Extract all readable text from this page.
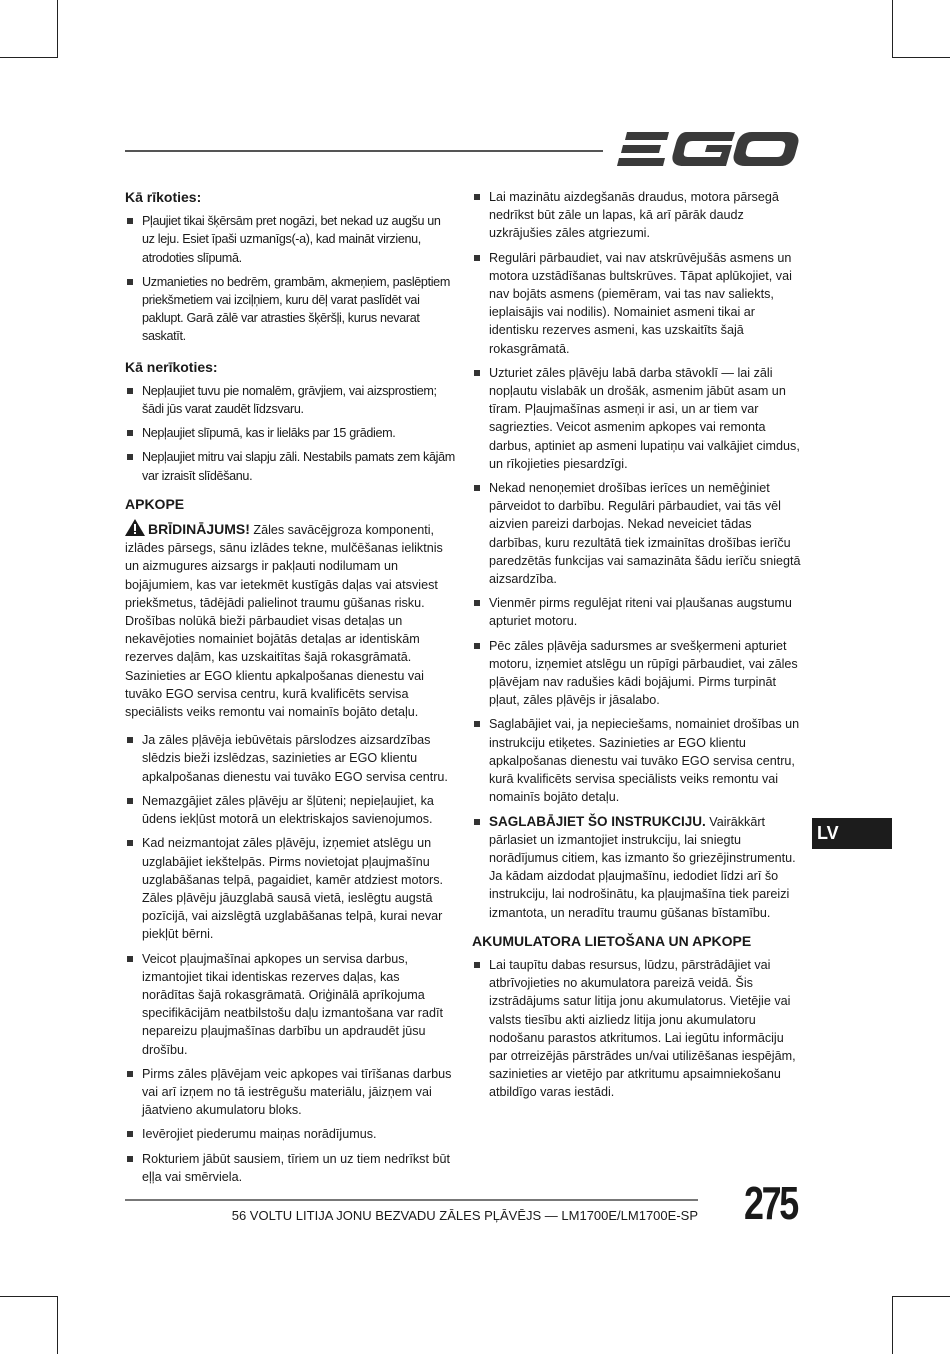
Kā rīkoties:
Pļaujiet tikai šķērsām pret nogāzi, bet nekad uz augšu un uz leju. Esiet īpaši uzmanīgs(-a), kad maināt virzienu, atrodoties slīpumā.
Uzmanieties no bedrēm, grambām, akmeņiem, paslēptiem priekšmetiem vai izciļņiem, kuru dēļ varat paslīdēt vai paklupt. Garā zālē var atrasties šķēršļi, kurus nevarat saskatīt.
Kā nerīkoties:
Nepļaujiet tuvu pie nomalēm, grāvjiem, vai aizsprostiem; šādi jūs varat zaudēt līdzsvaru.
Nepļaujiet slīpumā, kas ir lielāks par 15 grādiem.
Nepļaujiet mitru vai slapju zāli. Nestabils pamats zem kājām var izraisīt slīdēšanu.
APKOPE

BRĪDINĀJUMS! Zāles savācējgroza komponenti, izlādes pārsegs, sānu izlādes tekne, mulčēšanas ieliktnis un aizmugures aizsargs ir pakļauti nodilumam un bojājumiem, kas var ietekmēt kustīgās daļas vai atsviest priekšmetus, tādējādi palielinot traumu gūšanas risku. Drošības nolūkā bieži pārbaudiet visas detaļas un nekavējoties nomainiet bojātās detaļas ar identiskām rezerves daļām, kas uzskaitītas šajā rokasgrāmatā. Sazinieties ar EGO klientu apkalpošanas dienestu vai tuvāko EGO servisa centru, kurā kvalificēts servisa speciālists veiks remontu vai nomainīs bojāto detaļu.

Ja zāles pļāvēja iebūvētais pārslodzes aizsardzības slēdzis bieži izslēdzas, sazinieties ar EGO klientu apkalpošanas dienestu vai tuvāko EGO servisa centru.
Nemazgājiet zāles pļāvēju ar šļūteni; nepieļaujiet, ka ūdens iekļūst motorā un elektriskajos savienojumos.
Kad neizmantojat zāles pļāvēju, izņemiet atslēgu un uzglabājiet iekštelpās. Pirms novietojat pļaujmašīnu uzglabāšanas telpā, pagaidiet, kamēr atdziest motors. Zāles pļāvēju jāuzglabā sausā vietā, ieslēgtu augstā pozīcijā, vai aizslēgtā uzglabāšanas telpā, kurai nevar piekļūt bērni.
Veicot pļaujmašīnai apkopes un servisa darbus, izmantojiet tikai identiskas rezerves daļas, kas norādītas šajā rokasgrāmatā. Oriģinālā aprīkojuma specifikācijām neatbilstošu daļu izmantošana var radīt nepareizu pļaujmašīnas darbību un apdraudēt jūsu drošību.
Pirms zāles pļāvējam veic apkopes vai tīrīšanas darbus vai arī izņem no tā iestrēgušu materiālu, jāizņem vai jāatvieno akumulatoru bloks.
Ievērojiet piederumu maiņas norādījumus.
Rokturiem jābūt sausiem, tīriem un uz tiem nedrīkst būt eļļa vai smērviela.
Lai mazinātu aizdegšanās draudus, motora pārsegā nedrīkst būt zāle un lapas, kā arī pārāk daudz uzkrājušies zāles atgriezumi.
Regulāri pārbaudiet, vai nav atskrūvējušās asmens un motora uzstādīšanas bultskrūves. Tāpat aplūkojiet, vai nav bojāts asmens (piemēram, vai tas nav saliekts, ieplaisājis vai nodilis). Nomainiet asmeni tikai ar identisku rezerves asmeni, kas uzskaitīts šajā rokasgrāmatā.
Uzturiet zāles pļāvēju labā darba stāvoklī — lai zāli nopļautu vislabāk un drošāk, asmenim jābūt asam un tīram. Pļaujmašīnas asmeņi ir asi, un ar tiem var sagriezties. Veicot asmenim apkopes vai remonta darbus, aptiniet ap asmeni lupatiņu vai valkājiet cimdus, un rīkojieties piesardzīgi.
Nekad nenoņemiet drošības ierīces un nemēģiniet pārveidot to darbību. Regulāri pārbaudiet, vai tās vēl aizvien pareizi darbojas. Nekad neveiciet tādas darbības, kuru rezultātā tiek izmainītas drošības ierīču paredzētās funkcijas vai samazināta šādu ierīču sniegtā aizsardzība.
Vienmēr pirms regulējat riteni vai pļaušanas augstumu apturiet motoru.
Pēc zāles pļāvēja sadursmes ar svešķermeni apturiet motoru, izņemiet atslēgu un rūpīgi pārbaudiet, vai zāles pļāvējam nav radušies kādi bojājumi. Pirms turpināt pļaut, zāles pļāvējs ir jāsalabo.
Saglabājiet vai, ja nepieciešams, nomainiet drošības un instrukciju etiķetes. Sazinieties ar EGO klientu apkalpošanas dienestu vai tuvāko EGO servisa centru, kurā kvalificēts servisa speciālists veiks remontu vai nomainīs bojāto detaļu.
SAGLABĀJIET ŠO INSTRUKCIJU. Vairākkārt pārlasiet un izmantojiet instrukciju, lai sniegtu norādījumus citiem, kas izmanto šo griezējinstrumentu. Ja kādam aizdodat pļaujmašīnu, iedodiet līdzi arī šo instrukciju, lai nodrošinātu, ka pļaujmašīna tiek pareizi izmantota, un neradītu traumu gūšanas bīstamību.
AKUMULATORA LIETOŠANA UN APKOPE
Lai taupītu dabas resursus, lūdzu, pārstrādājiet vai atbrīvojieties no akumulatora pareizā veidā. Šis izstrādājums satur litija jonu akumulatorus. Vietējie vai valsts tiesību akti aizliedz litija jonu akumulatoru nodošanu parastos atkritumos. Lai iegūtu informāciju par otrreizējās pārstrādes un/vai utilizēšanas iespējām, sazinieties ar vietējo par atkritumu apsaimniekošanu atbildīgo varas iestādi.
LV
56 VOLTU LITIJA JONU BEZVADU ZĀLES PĻĀVĒJS — LM1700E/LM1700E-SP 275
